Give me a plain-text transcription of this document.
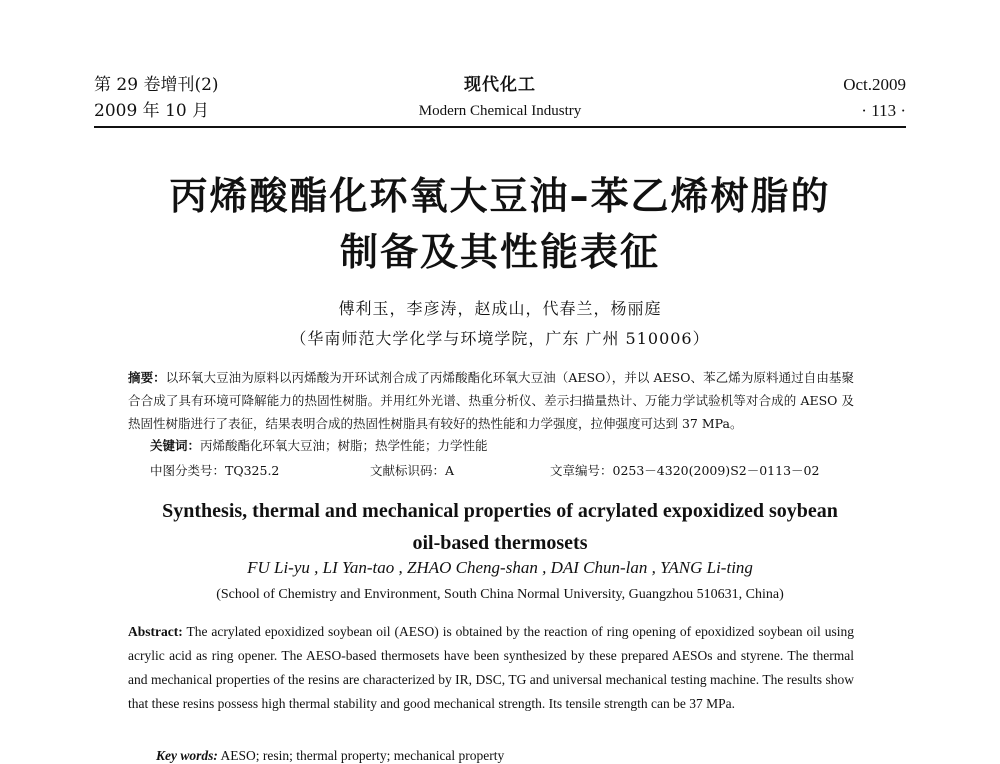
第 29 卷增刊(2)
2009 年 10 月
现代化工
Modern Chemical Industry
Oct.2009
· 113 ·
丙烯酸酯化环氧大豆油–苯乙烯树脂的
制备及其性能表征
傅利玉，李彦涛，赵成山，代春兰，杨丽庭
（华南师范大学化学与环境学院，广东 广州 510006）
摘要：以环氧大豆油为原料以丙烯酸为开环试剂合成了丙烯酸酯化环氧大豆油（AESO），并以 AESO、苯乙烯为原料通过自由基聚合合成了具有环境可降解能力的热固性树脂。并用红外光谱、热重分析仪、差示扫描量热计、万能力学试验机等对合成的 AESO 及热固性树脂进行了表征，结果表明合成的热固性树脂具有较好的热性能和力学强度，拉伸强度可达到 37 MPa。
关键词：丙烯酸酯化环氧大豆油；树脂；热学性能；力学性能
中图分类号：TQ325.2	文献标识码：A	文章编号：0253－4320(2009)S2－0113－02
Synthesis, thermal and mechanical properties of acrylated expoxidized soybean
oil-based thermosets
FU Li-yu , LI Yan-tao , ZHAO Cheng-shan , DAI Chun-lan , YANG Li-ting
(School of Chemistry and Environment, South China Normal University, Guangzhou 510631, China)
Abstract: The acrylated epoxidized soybean oil (AESO) is obtained by the reaction of ring opening of epoxidized soybean oil using acrylic acid as ring opener. The AESO-based thermosets have been synthesized by these prepared AESOs and styrene. The thermal and mechanical properties of the resins are characterized by IR, DSC, TG and universal mechanical testing machine. The results show that these resins possess high thermal stability and good mechanical strength. Its tensile strength can be 37 MPa.
Key words: AESO; resin; thermal property; mechanical property
